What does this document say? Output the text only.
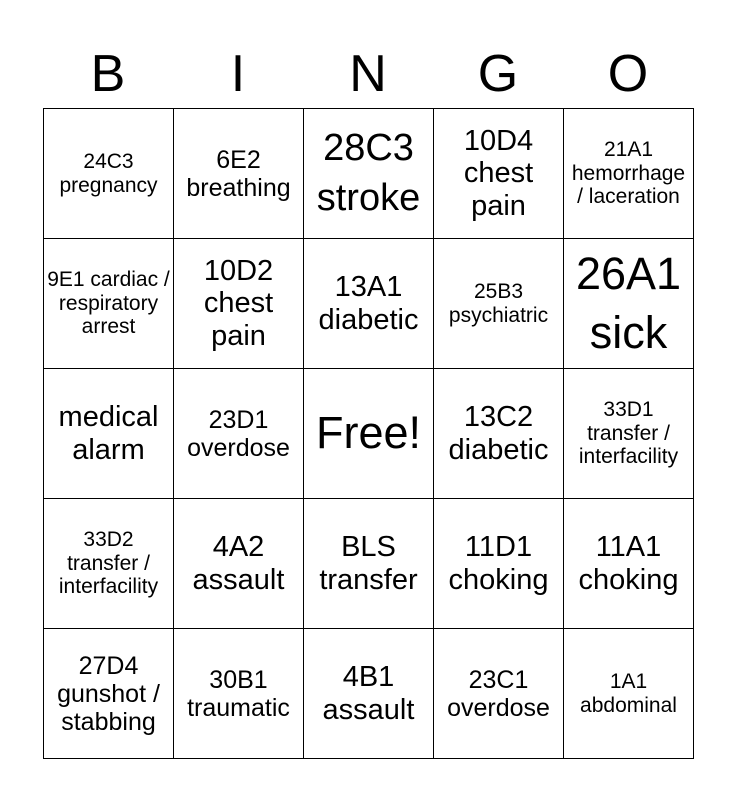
B	I	N	G	O
24C3 pregnancy	6E2 breathing	28C3 stroke	10D4 chest pain	21A1 hemorrhage / laceration
9E1 cardiac / respiratory arrest	10D2 chest pain	13A1 diabetic	25B3 psychiatric	26A1 sick
medical alarm	23D1 overdose	Free!	13C2 diabetic	33D1 transfer / interfacility
33D2 transfer / interfacility	4A2 assault	BLS transfer	11D1 choking	11A1 choking
27D4 gunshot / stabbing	30B1 traumatic	4B1 assault	23C1 overdose	1A1 abdominal
